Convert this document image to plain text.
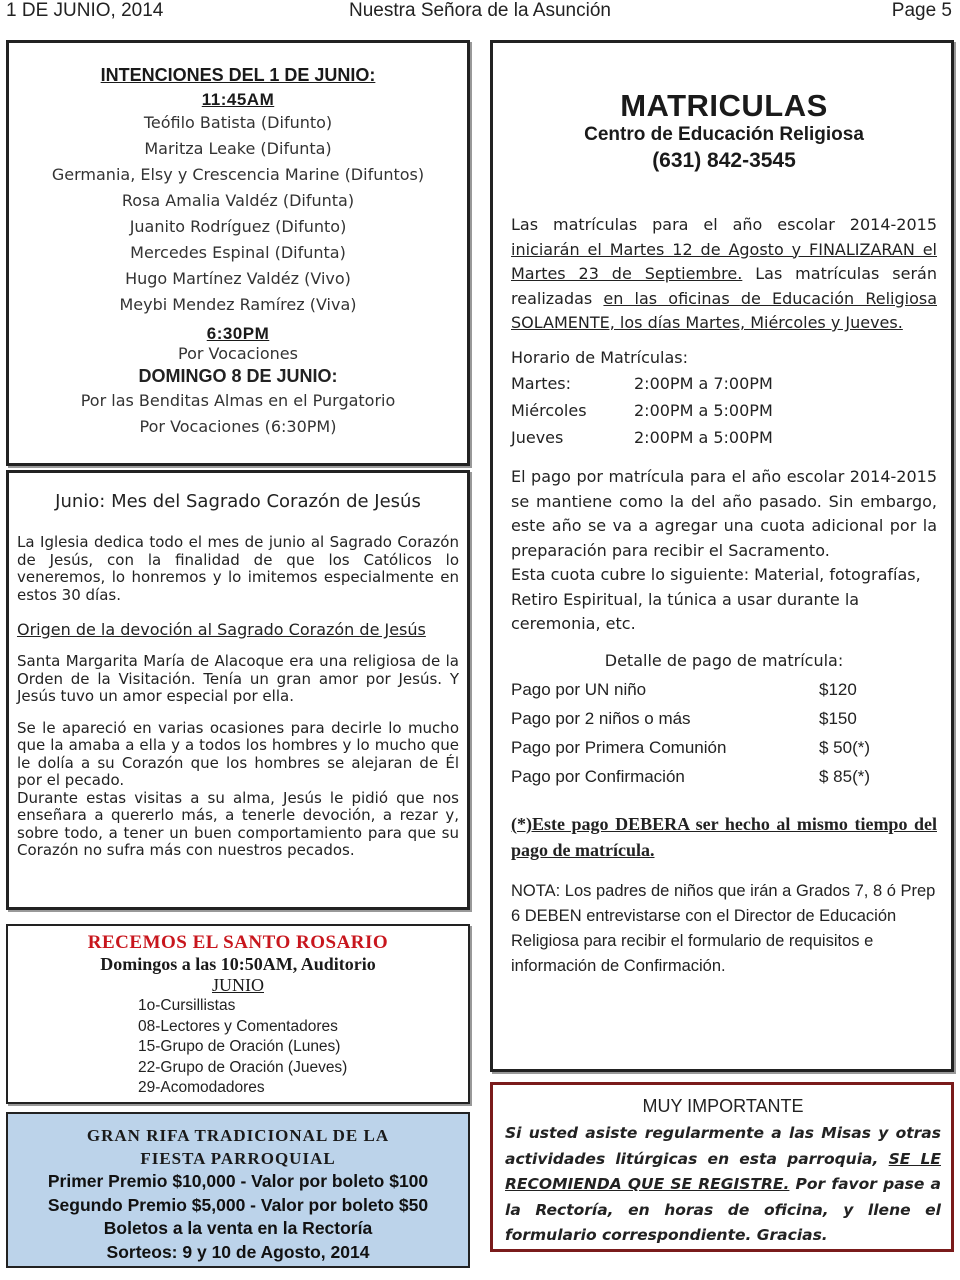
Nuestra Señora de la Asunción
1 DE JUNIO, 2014	Page 5
INTENCIONES DEL 1 DE JUNIO:
11:45AM
Teófilo Batista (Difunto)
Maritza Leake (Difunta)
Germania, Elsy y Crescencia Marine (Difuntos)
Rosa Amalia Valdéz (Difunta)
Juanito Rodríguez (Difunto)
Mercedes Espinal (Difunta)
Hugo Martínez Valdéz (Vivo)
Meybi Mendez Ramírez (Viva)
6:30PM
Por Vocaciones
DOMINGO 8 DE JUNIO:
Por las Benditas Almas en el Purgatorio
Por Vocaciones (6:30PM)
Junio: Mes del Sagrado Corazón de Jesús

La Iglesia dedica todo el mes de junio al Sagrado Corazón de Jesús, con la finalidad de que los Católicos lo veneremos, lo honremos y lo imitemos especialmente en estos 30 días.

Origen de la devoción al Sagrado Corazón de Jesús

Santa Margarita María de Alacoque era una religiosa de la Orden de la Visitación. Tenía un gran amor por Jesús. Y Jesús tuvo un amor especial por ella.

Se le apareció en varias ocasiones para decirle lo mucho que la amaba a ella y a todos los hombres y lo mucho que le dolía a su Corazón que los hombres se alejaran de Él por el pecado.

Durante estas visitas a su alma, Jesús le pidió que nos enseñara a quererlo más, a tenerle devoción, a rezar y, sobre todo, a tener un buen comportamiento para que su Corazón no sufra más con nuestros pecados.

RECEMOS EL SANTO ROSARIO
Domingos a las 10:50AM, Auditorio
JUNIO
1o-Cursillistas
08-Lectores y Comentadores
15-Grupo de Oración (Lunes)
22-Grupo de Oración (Jueves)
29-Acomodadores
GRAN RIFA TRADICIONAL DE LA
FIESTA PARROQUIAL
Primer Premio $10,000 - Valor por boleto $100
Segundo Premio $5,000 - Valor por boleto $50
Boletos a la venta en la Rectoría
Sorteos: 9 y 10 de Agosto, 2014
MATRICULAS
Centro de Educación Religiosa
(631) 842-3545

Las matrículas para el año escolar 2014-2015 iniciarán el Martes 12 de Agosto y FINALIZARAN el Martes 23 de Septiembre. Las matrículas serán realizadas en las oficinas de Educación Religiosa SOLAMENTE, los días Martes, Miércoles y Jueves.

Horario de Matrículas:

Martes:	2:00PM a 7:00PM
Miércoles	2:00PM a 5:00PM
Jueves	2:00PM a 5:00PM

El pago por matrícula para el año escolar 2014-2015 se mantiene como la del año pasado. Sin embargo, este año se va a agregar una cuota adicional por la preparación para recibir el Sacramento.

Esta cuota cubre lo siguiente: Material, fotografías, Retiro Espiritual, la túnica a usar durante la ceremonia, etc.

Detalle de pago de matrícula:

Pago por UN niño	$120
Pago por 2 niños o más	$150
Pago por Primera Comunión	$ 50(*)
Pago por Confirmación	$ 85(*)
(*)Este pago DEBERA ser hecho al mismo tiempo del pago de matrícula.

NOTA: Los padres de niños que irán a Grados 7, 8 ó Prep 6 DEBEN entrevistarse con el Director de Educación Religiosa para recibir el formulario de requisitos e información de Confirmación.

MUY IMPORTANTE

Si usted asiste regularmente a las Misas y otras actividades litúrgicas en esta parroquia, SE LE RECOMIENDA QUE SE REGISTRE. Por favor pase a la Rectoría, en horas de oficina, y llene el formulario correspondiente. Gracias.
